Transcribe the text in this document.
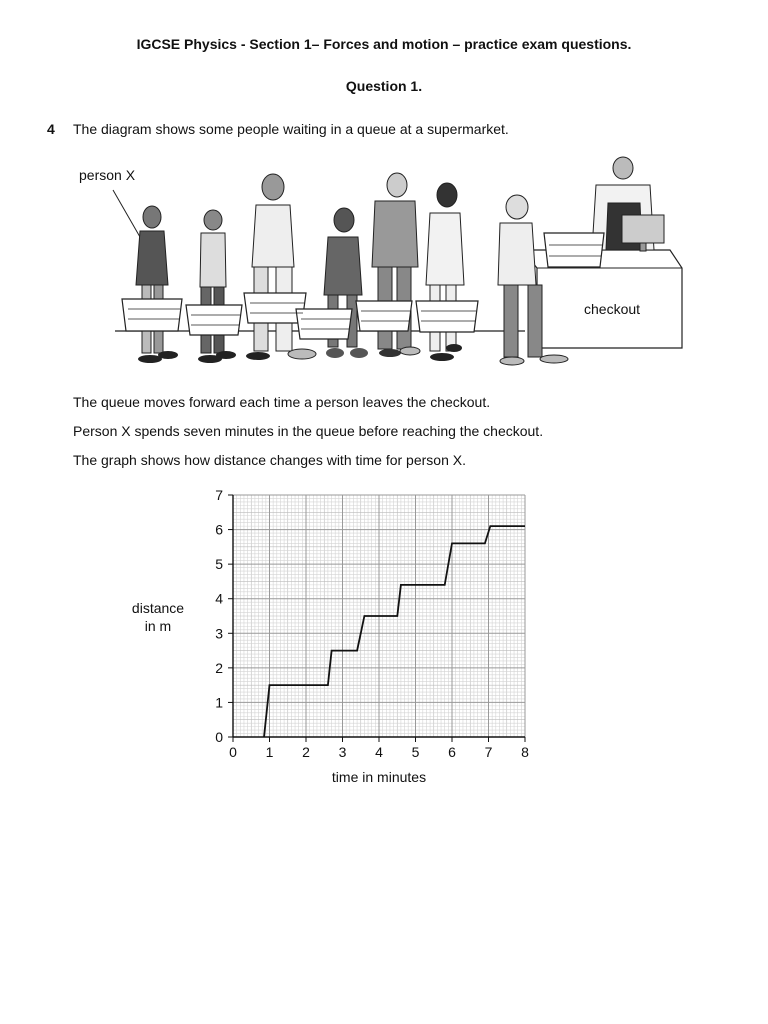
IGCSE Physics - Section 1– Forces and motion – practice exam questions.
Question 1.
4 The diagram shows some people waiting in a queue at a supermarket.
checkout
person X
The queue moves forward each time a person leaves the checkout.
Person X spends seven minutes in the queue before reaching the checkout.
The graph shows how distance changes with time for person X.
0 1 2 3 4 5 6 7 8
0
1
2
3
4
5
6
7
time in minutes
distance
in m
